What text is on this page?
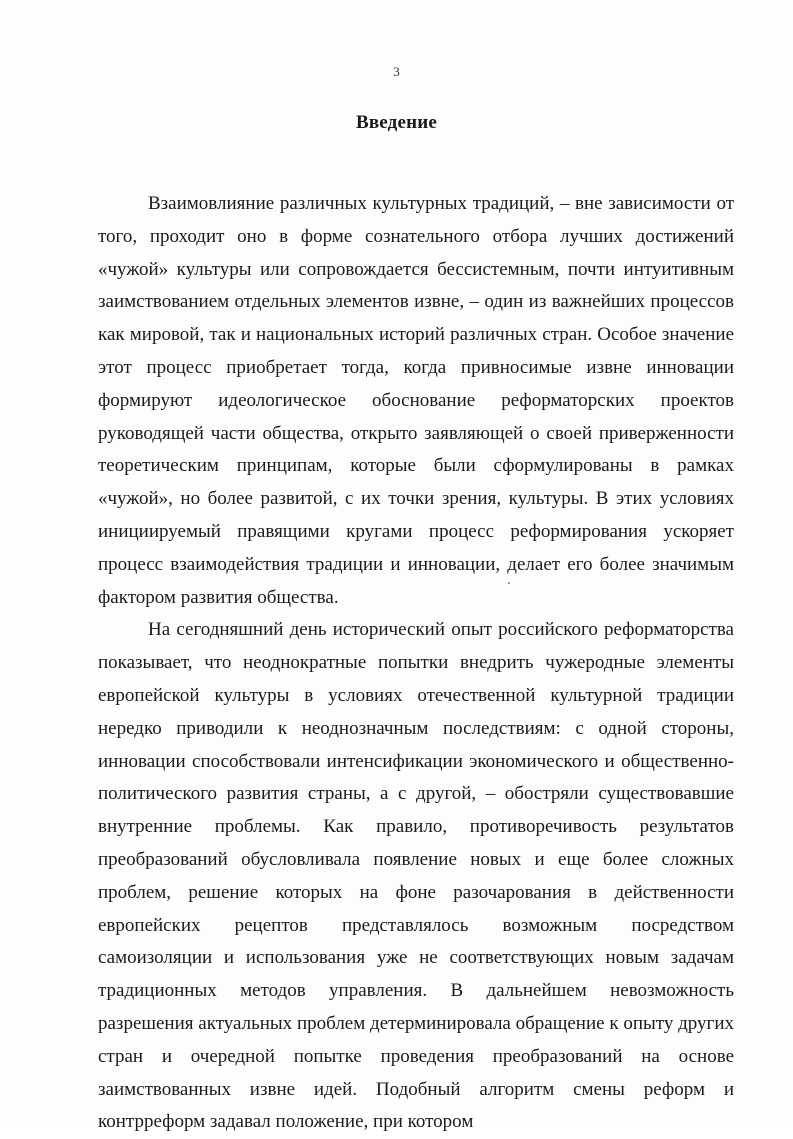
3
Введение

Взаимовлияние различных культурных традиций, – вне зависимости от того, проходит оно в форме сознательного отбора лучших достижений «чужой» культуры или сопровождается бессистемным, почти интуитивным заимствованием отдельных элементов извне, – один из важнейших процессов как мировой, так и национальных историй различных стран. Особое значение этот процесс приобретает тогда, когда привносимые извне инновации формируют идеологическое обоснование реформаторских проектов руководящей части общества, открыто заявляющей о своей приверженности теоретическим принципам, которые были сформулированы в рамках «чужой», но более развитой, с их точки зрения, культуры. В этих условиях инициируемый правящими кругами процесс реформирования ускоряет процесс взаимодействия традиции и инновации, делает его более значимым фактором развития общества.

На сегодняшний день исторический опыт российского реформаторства показывает, что неоднократные попытки внедрить чужеродные элементы европейской культуры в условиях отечественной культурной традиции нередко приводили к неоднозначным последствиям: с одной стороны, инновации способствовали интенсификации экономического и общественно-политического развития страны, а с другой, – обостряли существовавшие внутренние проблемы. Как правило, противоречивость результатов преобразований обусловливала появление новых и еще более сложных проблем, решение которых на фоне разочарования в действенности европейских рецептов представлялось возможным посредством самоизоляции и использования уже не соответствующих новым задачам традиционных методов управления. В дальнейшем невозможность разрешения актуальных проблем детерминировала обращение к опыту других стран и очередной попытке проведения преобразований на основе заимствованных извне идей. Подобный алгоритм смены реформ и контрреформ задавал положение, при котором
